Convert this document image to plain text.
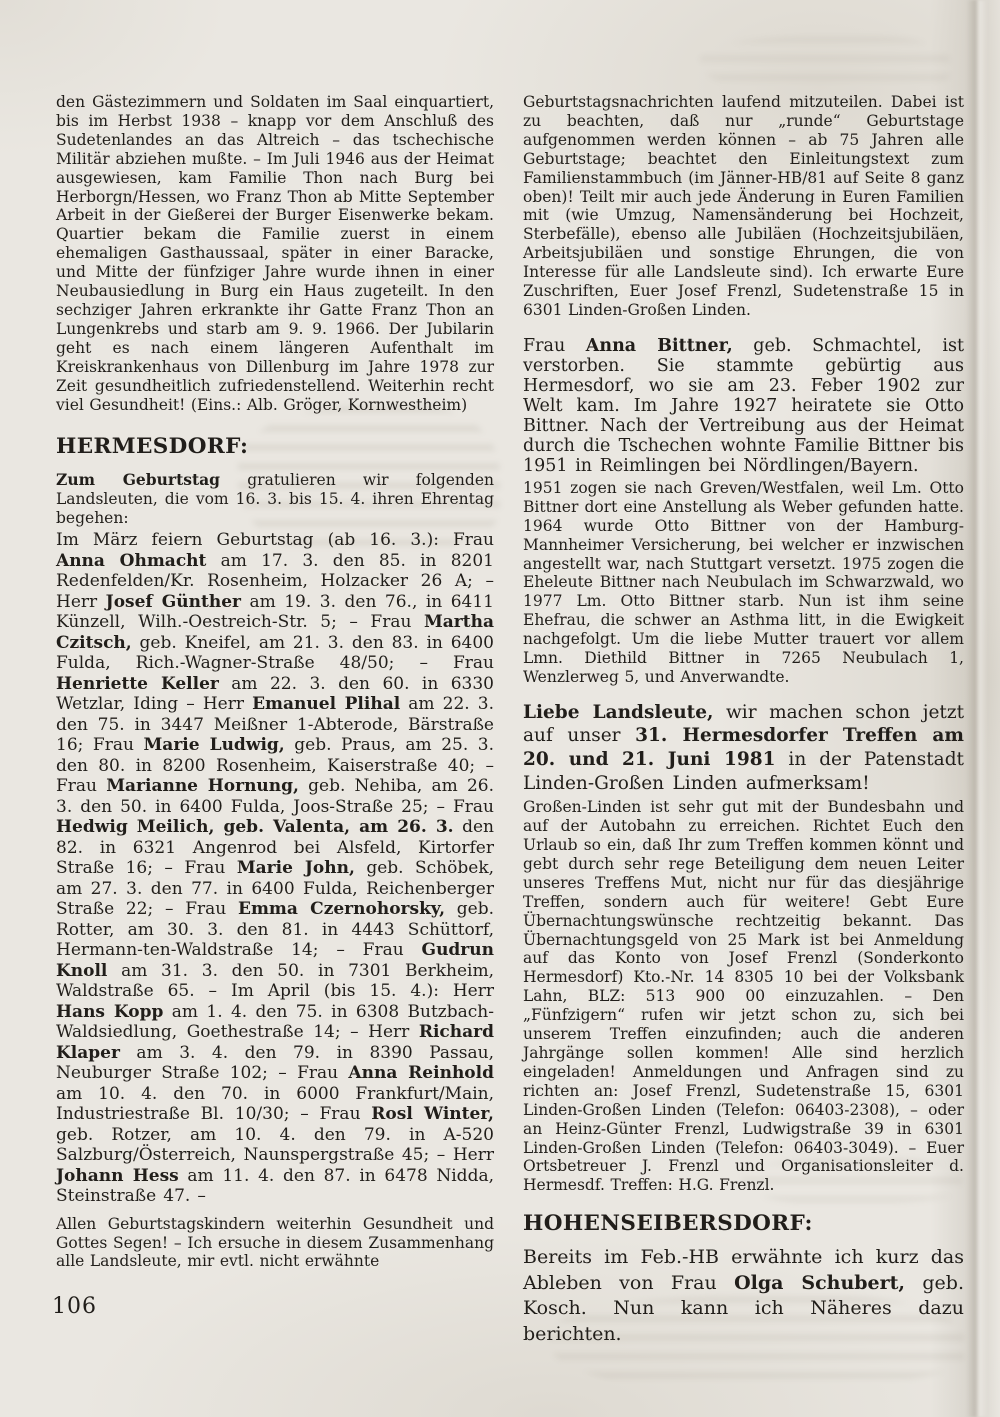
den Gästezimmern und Soldaten im Saal einquartiert, bis im Herbst 1938 – knapp vor dem Anschluß des Sudetenlandes an das Altreich – das tschechische Militär abziehen mußte. – Im Juli 1946 aus der Heimat ausgewiesen, kam Familie Thon nach Burg bei Herborgn/Hessen, wo Franz Thon ab Mitte September Arbeit in der Gießerei der Burger Eisenwerke bekam. Quartier bekam die Familie zuerst in einem ehemaligen Gasthaussaal, später in einer Baracke, und Mitte der fünfziger Jahre wurde ihnen in einer Neubausiedlung in Burg ein Haus zugeteilt. In den sechziger Jahren erkrankte ihr Gatte Franz Thon an Lungenkrebs und starb am 9. 9. 1966. Der Jubilarin geht es nach einem längeren Aufenthalt im Kreiskrankenhaus von Dillenburg im Jahre 1978 zur Zeit gesundheitlich zufriedenstellend. Weiterhin recht viel Gesundheit! (Eins.: Alb. Gröger, Kornwestheim)

HERMESDORF:

Zum Geburtstag gratulieren wir folgenden Landsleuten, die vom 16. 3. bis 15. 4. ihren Ehrentag begehen:

Im März feiern Geburtstag (ab 16. 3.): Frau Anna Ohmacht am 17. 3. den 85. in 8201 Redenfelden/Kr. Rosenheim, Holzacker 26 A; – Herr Josef Günther am 19. 3. den 76., in 6411 Künzell, Wilh.-Oestreich-Str. 5; – Frau Martha Czitsch, geb. Kneifel, am 21. 3. den 83. in 6400 Fulda, Rich.-Wagner-Straße 48/50; – Frau Henriette Keller am 22. 3. den 60. in 6330 Wetzlar, Iding – Herr Emanuel Plihal am 22. 3. den 75. in 3447 Meißner 1-Abterode, Bärstraße 16; Frau Marie Ludwig, geb. Praus, am 25. 3. den 80. in 8200 Rosenheim, Kaiserstraße 40; – Frau Marianne Hornung, geb. Nehiba, am 26. 3. den 50. in 6400 Fulda, Joos-Straße 25; – Frau Hedwig Meilich, geb. Valenta, am 26. 3. den 82. in 6321 Angenrod bei Alsfeld, Kirtorfer Straße 16; – Frau Marie John, geb. Schöbek, am 27. 3. den 77. in 6400 Fulda, Reichenberger Straße 22; – Frau Emma Czernohorsky, geb. Rotter, am 30. 3. den 81. in 4443 Schüttorf, Hermann-ten-Waldstraße 14; – Frau Gudrun Knoll am 31. 3. den 50. in 7301 Berkheim, Waldstraße 65. – Im April (bis 15. 4.): Herr Hans Kopp am 1. 4. den 75. in 6308 Butzbach-Waldsiedlung, Goethestraße 14; – Herr Richard Klaper am 3. 4. den 79. in 8390 Passau, Neuburger Straße 102; – Frau Anna Reinhold am 10. 4. den 70. in 6000 Frankfurt/Main, Industriestraße Bl. 10/30; – Frau Rosl Winter, geb. Rotzer, am 10. 4. den 79. in A-520 Salzburg/Österreich, Naunspergstraße 45; – Herr Johann Hess am 11. 4. den 87. in 6478 Nidda, Steinstraße 47. –

Allen Geburtstagskindern weiterhin Gesundheit und Gottes Segen! – Ich ersuche in diesem Zusammenhang alle Landsleute, mir evtl. nicht erwähnte

Geburtstagsnachrichten laufend mitzuteilen. Dabei ist zu beachten, daß nur „runde“ Geburtstage aufgenommen werden können – ab 75 Jahren alle Geburtstage; beachtet den Einleitungstext zum Familienstammbuch (im Jänner-HB/81 auf Seite 8 ganz oben)! Teilt mir auch jede Änderung in Euren Familien mit (wie Umzug, Namensänderung bei Hochzeit, Sterbefälle), ebenso alle Jubiläen (Hochzeitsjubiläen, Arbeitsjubiläen und sonstige Ehrungen, die von Interesse für alle Landsleute sind). Ich erwarte Eure Zuschriften, Euer Josef Frenzl, Sudetenstraße 15 in 6301 Linden-Großen Linden.

Frau Anna Bittner, geb. Schmachtel, ist verstorben. Sie stammte gebürtig aus Hermesdorf, wo sie am 23. Feber 1902 zur Welt kam. Im Jahre 1927 heiratete sie Otto Bittner. Nach der Vertreibung aus der Heimat durch die Tschechen wohnte Familie Bittner bis 1951 in Reimlingen bei Nördlingen/Bayern.

1951 zogen sie nach Greven/Westfalen, weil Lm. Otto Bittner dort eine Anstellung als Weber gefunden hatte. 1964 wurde Otto Bittner von der Hamburg-Mannheimer Versicherung, bei welcher er inzwischen angestellt war, nach Stuttgart versetzt. 1975 zogen die Eheleute Bittner nach Neubulach im Schwarzwald, wo 1977 Lm. Otto Bittner starb. Nun ist ihm seine Ehefrau, die schwer an Asthma litt, in die Ewigkeit nachgefolgt. Um die liebe Mutter trauert vor allem Lmn. Diethild Bittner in 7265 Neubulach 1, Wenzlerweg 5, und Anverwandte.

Liebe Landsleute, wir machen schon jetzt auf unser 31. Hermesdorfer Treffen am 20. und 21. Juni 1981 in der Patenstadt Linden-Großen Linden aufmerksam!

Großen-Linden ist sehr gut mit der Bundesbahn und auf der Autobahn zu erreichen. Richtet Euch den Urlaub so ein, daß Ihr zum Treffen kommen könnt und gebt durch sehr rege Beteiligung dem neuen Leiter unseres Treffens Mut, nicht nur für das diesjährige Treffen, sondern auch für weitere! Gebt Eure Übernachtungswünsche rechtzeitig bekannt. Das Übernachtungsgeld von 25 Mark ist bei Anmeldung auf das Konto von Josef Frenzl (Sonderkonto Hermesdorf) Kto.-Nr. 14 8305 10 bei der Volksbank Lahn, BLZ: 513 900 00 einzuzahlen. – Den „Fünfzigern“ rufen wir jetzt schon zu, sich bei unserem Treffen einzufinden; auch die anderen Jahrgänge sollen kommen! Alle sind herzlich eingeladen! Anmeldungen und Anfragen sind zu richten an: Josef Frenzl, Sudetenstraße 15, 6301 Linden-Großen Linden (Telefon: 06403-2308), – oder an Heinz-Günter Frenzl, Ludwigstraße 39 in 6301 Linden-Großen Linden (Telefon: 06403-3049). – Euer Ortsbetreuer J. Frenzl und Organisationsleiter d. Hermesdf. Treffen: H.G. Frenzl.

HOHENSEIBERSDORF:

Bereits im Feb.-HB erwähnte ich kurz das Ableben von Frau Olga Schubert, geb. Kosch. Nun kann ich Näheres dazu berichten.

106
